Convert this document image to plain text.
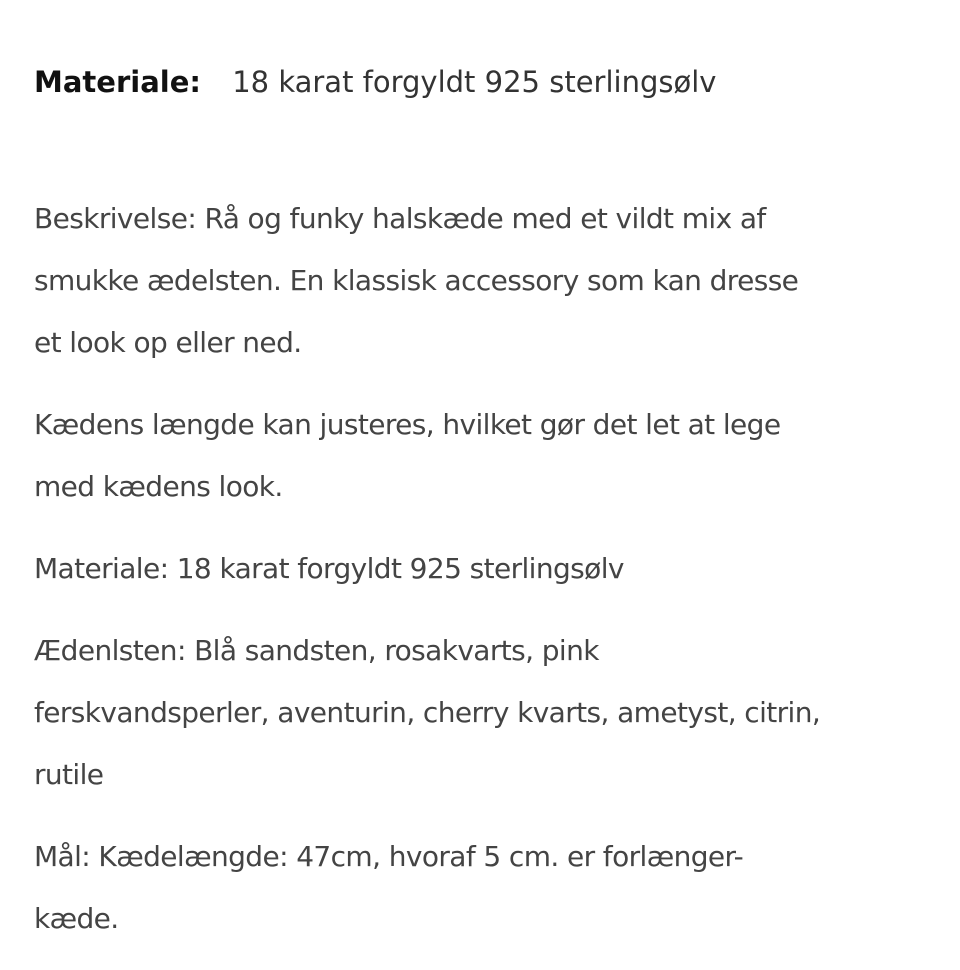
Materiale: 18 karat forgyldt 925 sterlingsølv

Beskrivelse: Rå og funky halskæde med et vildt mix af
smukke ædelsten. En klassisk accessory som kan dresse
et look op eller ned.

Kædens længde kan justeres, hvilket gør det let at lege
med kædens look.

Materiale: 18 karat forgyldt 925 sterlingsølv

Ædenlsten: Blå sandsten, rosakvarts, pink
ferskvandsperler, aventurin, cherry kvarts, ametyst, citrin,
rutile

Mål: Kædelængde: 47cm, hvoraf 5 cm. er forlænger-
kæde.
